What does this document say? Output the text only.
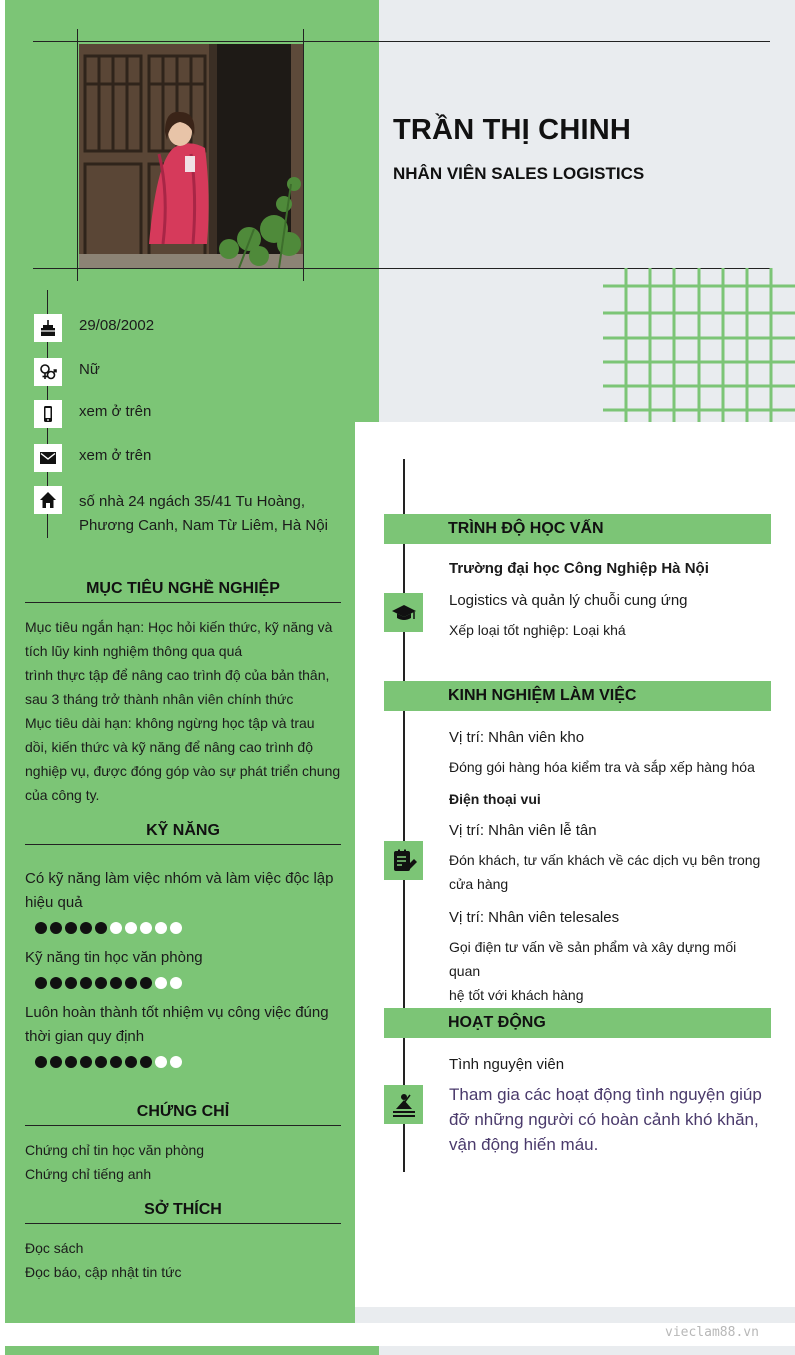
TRẦN THỊ CHINH
NHÂN VIÊN SALES LOGISTICS
29/08/2002
Nữ
xem ở trên
xem ở trên
số nhà 24 ngách 35/41 Tu Hoàng,
Phương Canh, Nam Từ Liêm, Hà Nội
MỤC TIÊU NGHỀ NGHIỆP
Mục tiêu ngắn hạn: Học hỏi kiến thức, kỹ năng và
tích lũy kinh nghiệm thông qua quá
trình thực tập để nâng cao trình độ của bản thân,
sau 3 tháng trở thành nhân viên chính thức
Mục tiêu dài hạn: không ngừng học tập và trau
dồi, kiến thức và kỹ năng để nâng cao trình độ
nghiệp vụ, được đóng góp vào sự phát triển chung
của công ty.
KỸ NĂNG
Có kỹ năng làm việc nhóm và làm việc độc lập
hiệu quả
Kỹ năng tin học văn phòng
Luôn hoàn thành tốt nhiệm vụ công việc đúng
thời gian quy định
CHỨNG CHỈ
Chứng chỉ tin học văn phòng
Chứng chỉ tiếng anh
SỞ THÍCH
Đọc sách
Đọc báo, cập nhật tin tức
TRÌNH ĐỘ HỌC VẤN
Trường đại học Công Nghiệp Hà Nội
Logistics và quản lý chuỗi cung ứng
Xếp loại tốt nghiệp: Loại khá
KINH NGHIỆM LÀM VIỆC
Vị trí: Nhân viên kho
Đóng gói hàng hóa kiểm tra và sắp xếp hàng hóa
Điện thoại vui
Vị trí: Nhân viên lễ tân
Đón khách, tư vấn khách về các dịch vụ bên trong
cửa hàng
Vị trí: Nhân viên telesales
Gọi điện tư vấn về sản phẩm và xây dựng mối quan
hệ tốt với khách hàng
HOẠT ĐỘNG
Tình nguyện viên
Tham gia các hoạt động tình nguyện giúp
đỡ những người có hoàn cảnh khó khăn,
vận động hiến máu.
vieclam88.vn
